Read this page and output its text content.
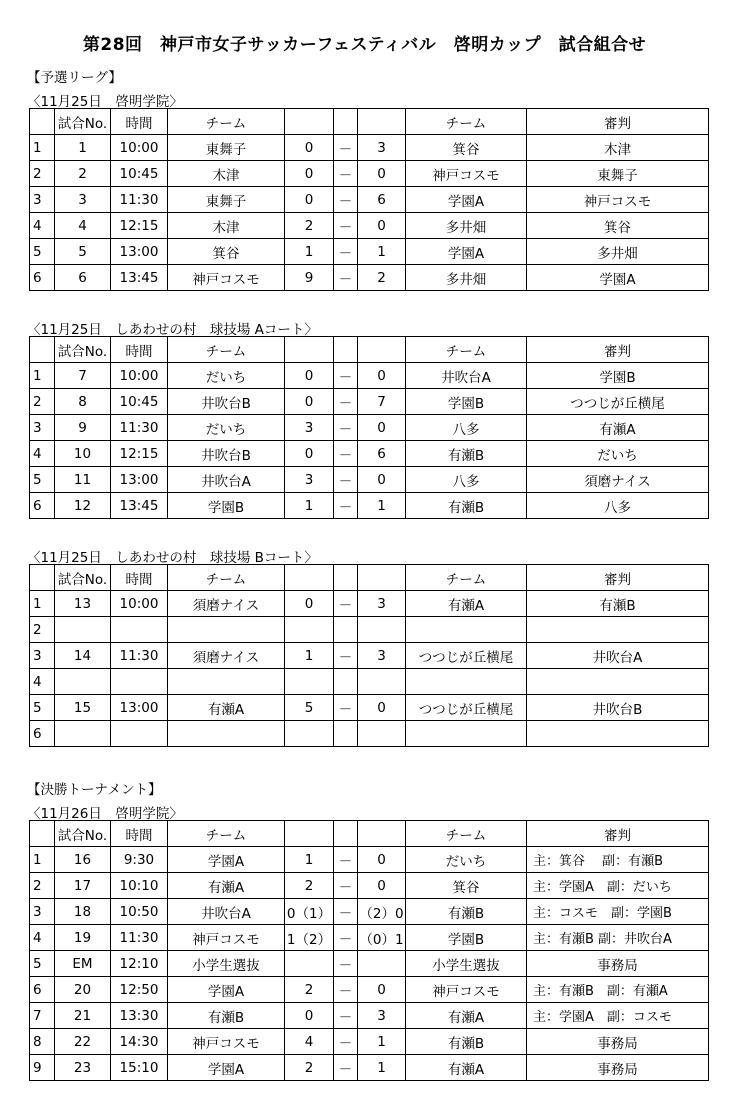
第28回　神戸市女子サッカーフェスティバル　啓明カップ　試合組合せ
【予選リーグ】
〈11月25日　啓明学院〉
	試合No.	時間	チーム				チーム	審判
1	1	10:00	東舞子	0	－	3	箕谷	木津
2	2	10:45	木津	0	－	0	神戸コスモ	東舞子
3	3	11:30	東舞子	0	－	6	学園A	神戸コスモ
4	4	12:15	木津	2	－	0	多井畑	箕谷
5	5	13:00	箕谷	1	－	1	学園A	多井畑
6	6	13:45	神戸コスモ	9	－	2	多井畑	学園A
〈11月25日　しあわせの村　球技場 Aコート〉
	試合No.	時間	チーム				チーム	審判
1	7	10:00	だいち	0	－	0	井吹台A	学園B
2	8	10:45	井吹台B	0	－	7	学園B	つつじが丘横尾
3	9	11:30	だいち	3	－	0	八多	有瀬A
4	10	12:15	井吹台B	0	－	6	有瀬B	だいち
5	11	13:00	井吹台A	3	－	0	八多	須磨ナイス
6	12	13:45	学園B	1	－	1	有瀬B	八多
〈11月25日　しあわせの村　球技場 Bコート〉
	試合No.	時間	チーム				チーム	審判
1	13	10:00	須磨ナイス	0	－	3	有瀬A	有瀬B
2								
3	14	11:30	須磨ナイス	1	－	3	つつじが丘横尾	井吹台A
4								
5	15	13:00	有瀬A	5	－	0	つつじが丘横尾	井吹台B
6								
【決勝トーナメント】
〈11月26日　啓明学院〉
	試合No.	時間	チーム				チーム	審判
1	16	9:30	学園A	1	－	0	だいち	主：箕谷　 副：有瀬B
2	17	10:10	有瀬A	2	－	0	箕谷	主：学園A　副：だいち
3	18	10:50	井吹台A	0（1）	－	（2）0	有瀬B	主：コスモ　副：学園B
4	19	11:30	神戸コスモ	1（2）	－	（0）1	学園B	主：有瀬B 副：井吹台A
5	EM	12:10	小学生選抜		－		小学生選抜	事務局
6	20	12:50	学園A	2	－	0	神戸コスモ	主：有瀬B　副：有瀬A
7	21	13:30	有瀬B	0	－	3	有瀬A	主：学園A　副：コスモ
8	22	14:30	神戸コスモ	4	－	1	有瀬B	事務局
9	23	15:10	学園A	2	－	1	有瀬A	事務局
